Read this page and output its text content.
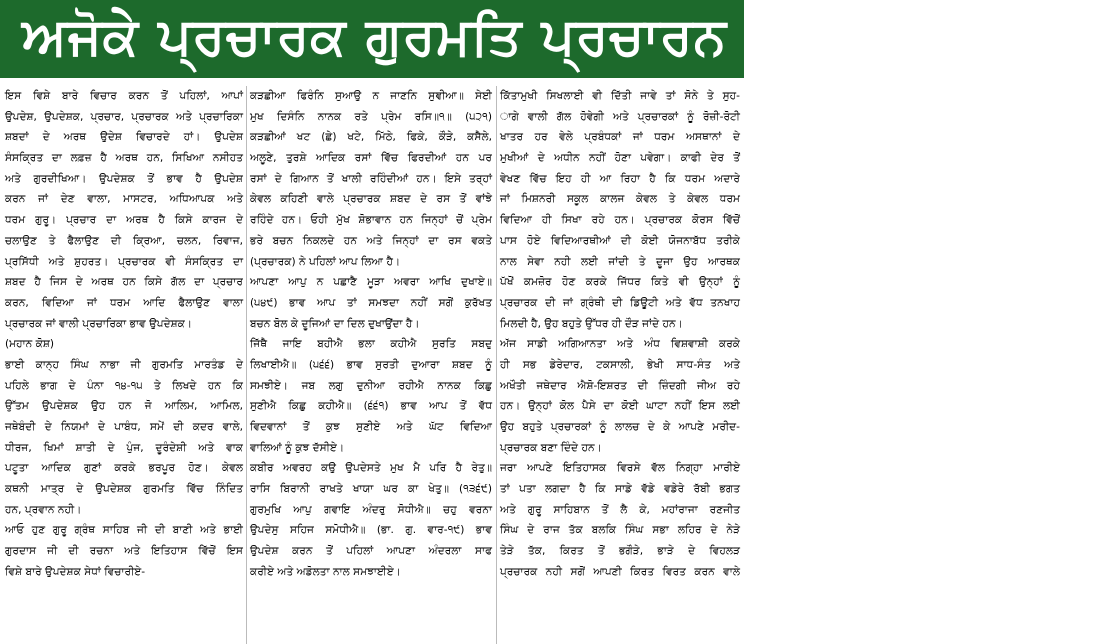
ਅਜੋਕੇ ਪ੍ਰਚਾਰਕ ਗੁਰਮਤਿ ਪ੍ਰਚਾਰਨ ਅਤੇ ਪ੍ਰਸਾਰਨ ਵਿ
ਇਸ ਵਿਸ਼ੇ ਬਾਰੇ ਵਿਚਾਰ ਕਰਨ ਤੋਂ ਪਹਿਲਾਂ, ਆਪਾਂ
ਉਪਦੇਸ਼, ਉਪਦੇਸ਼ਕ, ਪ੍ਰਚਾਰ, ਪ੍ਰਚਾਰਕ ਅਤੇ ਪ੍ਰਚਾਰਿਕਾ
ਸ਼ਬਦਾਂ ਦੇ ਅਰਥ ਉਦੇਸ਼ ਵਿਚਾਰਦੇ ਹਾਂ। ਉਪਦੇਸ਼
ਸੰਸਕ੍ਰਿਤ ਦਾ ਲਫ਼ਜ਼ ਹੈ ਅਰਥ ਹਨ, ਸਿਖਿਆ ਨਸੀਹਤ
ਅਤੇ ਗੁਰਦੀਖਿਆ। ਉਪਦੇਸ਼ਕ ਤੋਂ ਭਾਵ ਹੈ ਉਪਦੇਸ਼
ਕਰਨ ਜਾਂ ਦੇਣ ਵਾਲਾ, ਮਾਸਟਰ, ਅਧਿਆਪਕ ਅਤੇ
ਧਰਮ ਗੁਰੂ। ਪ੍ਰਚਾਰ ਦਾ ਅਰਥ ਹੈ ਕਿਸੇ ਕਾਰਜ ਦੇ
ਚਲਾਉਣ ਤੇ ਫੈਲਾਉਣ ਦੀ ਕ੍ਰਿਆ, ਚਲਨ, ਰਿਵਾਜ,
ਪ੍ਰਸਿੱਧੀ ਅਤੇ ਸ਼ੁਹਰਤ। ਪ੍ਰਚਾਰਕ ਵੀ ਸੰਸਕ੍ਰਿਤ ਦਾ
ਸ਼ਬਦ ਹੈ ਜਿਸ ਦੇ ਅਰਥ ਹਨ ਕਿਸੇ ਗੱਲ ਦਾ ਪ੍ਰਚਾਰ
ਕਰਨ, ਵਿਦਿਆ ਜਾਂ ਧਰਮ ਆਦਿ ਫੈਲਾਉਣ ਵਾਲਾ
ਪ੍ਰਚਾਰਕ ਜਾਂ ਵਾਲੀ ਪ੍ਰਚਾਰਿਕਾ ਭਾਵ ਉਪਦੇਸ਼ਕ।
(ਮਹਾਨ ਕੋਸ਼)
ਭਾਈ ਕਾਨ੍ਹ ਸਿੰਘ ਨਾਭਾ ਜੀ ਗੁਰਮਤਿ ਮਾਰਤੰਡ ਦੇ
ਪਹਿਲੇ ਭਾਗ ਦੇ ਪੰਨਾ ੧੪-੧੫ ਤੇ ਲਿਖਦੇ ਹਨ ਕਿ
ਉੱਤਮ ਉਪਦੇਸ਼ਕ ਉਹ ਹਨ ਜੋ ਆਲਿਮ, ਆਮਿਲ,
ਜਥੇਬੰਦੀ ਦੇ ਨਿਯਮਾਂ ਦੇ ਪਾਬੰਧ, ਸਮੇਂ ਦੀ ਕਦਰ ਵਾਲੇ,
ਧੀਰਜ, ਖਿਮਾਂ ਸ਼ਾਤੀ ਦੇ ਪੁੰਜ, ਦੂਰੰਦੇਸ਼ੀ ਅਤੇ ਵਾਕ
ਪਟੂਤਾ ਆਦਿਕ ਗੁਣਾਂ ਕਰਕੇ ਭਰਪੂਰ ਹੋਣ। ਕੇਵਲ
ਕਥਨੀ ਮਾਤ੍ਰ ਦੇ ਉਪਦੇਸ਼ਕ ਗੁਰਮਤਿ ਵਿੱਚ ਨਿੰਦਿਤ
ਹਨ, ਪ੍ਰਵਾਨ ਨਹੀ।
ਆਓ ਹੁਣ ਗੁਰੂ ਗ੍ਰੰਥ ਸਾਹਿਬ ਜੀ ਦੀ ਬਾਣੀ ਅਤੇ ਭਾਈ
ਗੁਰਦਾਸ ਜੀ ਦੀ ਰਚਨਾ ਅਤੇ ਇਤਿਹਾਸ ਵਿੱਚੋਂ ਇਸ
ਵਿਸ਼ੇ ਬਾਰੇ ਉਪਦੇਸ਼ਕ ਸੇਧਾਂ ਵਿਚਾਰੀਏ-
ਕੜਛੀਆ ਫਿਰੰਨਿ ਸੁਆਉ ਨ ਜਾਣਨਿ ਸੁਞੀਆ॥ ਸੇਈ
ਮੁਖ ਦਿਸੰਨਿ ਨਾਨਕ ਰਤੇ ਪ੍ਰੇਮ ਰਸਿ॥੧॥ (੫੨੧)
ਕੜਛੀਆਂ ਖਟ (ਛੇ) ਖਟੇ, ਮਿੱਠੇ, ਫਿਕੇ, ਕੌੜੇ, ਕਸੈਲੇ,
ਅਲੂਣੇ, ਤੁਰਸ਼ੇ ਆਦਿਕ ਰਸਾਂ ਵਿੱਚ ਫਿਰਦੀਆਂ ਹਨ ਪਰ
ਰਸਾਂ ਦੇ ਗਿਆਨ ਤੋਂ ਖਾਲੀ ਰਹਿੰਦੀਆਂ ਹਨ। ਇਸੇ ਤਰ੍ਹਾਂ
ਕੇਵਲ ਕਹਿਣੀ ਵਾਲੇ ਪ੍ਰਚਾਰਕ ਸ਼ਬਦ ਦੇ ਰਸ ਤੋਂ ਵਾਂਝੇ
ਰਹਿੰਦੇ ਹਨ। ਓਹੀ ਮੁੱਖ ਸ਼ੋਭਾਵਾਨ ਹਨ ਜਿਨ੍ਹਾਂ ਚੋਂ ਪ੍ਰੇਮ
ਭਰੇ ਬਚਨ ਨਿਕਲਦੇ ਹਨ ਅਤੇ ਜਿਨ੍ਹਾਂ ਦਾ ਰਸ ਵਕਤੇ
(ਪ੍ਰਚਾਰਕ) ਨੇ ਪਹਿਲਾਂ ਆਪ ਲਿਆ ਹੈ।
ਆਪਣਾ ਆਪੁ ਨ ਪਛਾਣੈ ਮੂੜਾ ਅਵਰਾ ਆਖਿ ਦੁਖਾਏ॥
(੫੪੯) ਭਾਵ ਆਪ ਤਾਂ ਸਮਝਦਾ ਨਹੀਂ ਸਗੋਂ ਕੁਰੱਖਤ
ਬਚਨ ਬੋਲ ਕੇ ਦੂਜਿਆਂ ਦਾ ਦਿਲ ਦੁਖਾਉਂਦਾ ਹੈ।
ਜਿੱਥੈ ਜਾਇ ਬਹੀਐ ਭਲਾ ਕਹੀਐ ਸੁਰਤਿ ਸਬਦੁ
ਲਿਖਾਈਐ॥ (੫੬੬) ਭਾਵ ਸੁਰਤੀ ਦੁਆਰਾ ਸ਼ਬਦ ਨੂੰ
ਸਮਝੀਏ। ਜਬ ਲਗੁ ਦੁਨੀਆ ਰਹੀਐ ਨਾਨਕ ਕਿਛੁ
ਸੁਣੀਐ ਕਿਛੁ ਕਹੀਐ॥ (੬੬੧) ਭਾਵ ਆਪ ਤੋਂ ਵੱਧ
ਵਿਦਵਾਨਾਂ ਤੋਂ ਕੁਝ ਸੁਣੀਏ ਅਤੇ ਘੱਟ ਵਿਦਿਆ
ਵਾਲਿਆਂ ਨੂੰ ਕੁਝ ਦੱਸੀਏ।
ਕਬੀਰ ਅਵਰਹ ਕਉ ਉਪਦੇਸਤੇ ਮੁਖ ਮੈ ਪਰਿ ਹੈ ਰੇਤੁ॥
ਰਾਸਿ ਬਿਰਾਨੀ ਰਾਖਤੇ ਖਾਯਾ ਘਰ ਕਾ ਖੇਤੁ॥ (੧੩੬੯)
ਗੁਰਮੁਖਿ ਆਪੁ ਗਵਾਇ ਅੰਦਰੁ ਸੋਧੀਐ॥ ਚਹੁ ਵਰਨਾ
ਉਪਦੇਸੁ ਸਹਿਜ ਸਮੋਧੀਐ॥ (ਭਾ. ਗੁ. ਵਾਰ-੧੯) ਭਾਵ
ਉਪਦੇਸ਼ ਕਰਨ ਤੋਂ ਪਹਿਲਾਂ ਆਪਣਾ ਅੰਦਰਲਾ ਸਾਫ
ਕਰੀਏ ਅਤੇ ਅਡੋਲਤਾ ਨਾਲ ਸਮਝਾਈਏ।
ਕਿੱਤਾਮੁਖੀ ਸਿਖਲਾਈ ਵੀ ਦਿੱਤੀ ਜਾਵੇ ਤਾਂ ਸੋਨੇ ਤੇ ਸੁਹ-
ਾਗੇ ਵਾਲੀ ਗੱਲ ਹੋਵੇਗੀ ਅਤੇ ਪ੍ਰਚਾਰਕਾਂ ਨੂੰ ਰੋਜ਼ੀ-ਰੋਟੀ
ਖਾਤਰ ਹਰ ਵੇਲੇ ਪ੍ਰਬੰਧਕਾਂ ਜਾਂ ਧਰਮ ਅਸਥਾਨਾਂ ਦੇ
ਮੁਖੀਆਂ ਦੇ ਅਧੀਨ ਨਹੀਂ ਹੋਣਾ ਪਵੇਗਾ। ਕਾਫੀ ਦੇਰ ਤੋਂ
ਵੇਖਣ ਵਿੱਚ ਇਹ ਹੀ ਆ ਰਿਹਾ ਹੈ ਕਿ ਧਰਮ ਅਦਾਰੇ
ਜਾਂ ਮਿਸ਼ਨਰੀ ਸਕੂਲ ਕਾਲਜ ਕੇਵਲ ਤੇ ਕੇਵਲ ਧਰਮ
ਵਿਦਿਆ ਹੀ ਸਿਖਾ ਰਹੇ ਹਨ। ਪ੍ਰਚਾਰਕ ਕੋਰਸ ਵਿੱਚੋਂ
ਪਾਸ ਹੋਏ ਵਿਦਿਆਰਥੀਆਂ ਦੀ ਕੋਈ ਯੋਜਨਾਬੱਧ ਤਰੀਕੇ
ਨਾਲ ਸੇਵਾ ਨਹੀ ਲਈ ਜਾਂਦੀ ਤੇ ਦੂਜਾ ਉਹ ਆਰਥਕ
ਪੱਖੋਂ ਕਮਜ਼ੋਰ ਹੋਣ ਕਰਕੇ ਜਿੱਧਰ ਕਿਤੇ ਵੀ ਉਨ੍ਹਾਂ ਨੂੰ
ਪ੍ਰਚਾਰਕ ਦੀ ਜਾਂ ਗ੍ਰੰਥੀ ਦੀ ਡਿਊਟੀ ਅਤੇ ਵੱਧ ਤਨਖਾਹ
ਮਿਲਦੀ ਹੈ, ਉਹ ਬਹੁਤੇ ਉੱਧਰ ਹੀ ਦੌੜ ਜਾਂਦੇ ਹਨ।
ਅੱਜ ਸਾਡੀ ਅਗਿਆਨਤਾ ਅਤੇ ਅੰਧ ਵਿਸ਼ਵਾਸ਼ੀ ਕਰਕੇ
ਹੀ ਸਭ ਡੇਰੇਦਾਰ, ਟਕਸਾਲੀ, ਭੇਖੀ ਸਾਧ-ਸੰਤ ਅਤੇ
ਅਖੌਤੀ ਜਥੇਦਾਰ ਐਸ਼ੋ-ਇਸ਼ਰਤ ਦੀ ਜ਼ਿੰਦਗੀ ਜੀਅ ਰਹੇ
ਹਨ। ਉਨ੍ਹਾਂ ਕੋਲ ਪੈਸੇ ਦਾ ਕੋਈ ਘਾਟਾ ਨਹੀਂ ਇਸ ਲਈ
ਉਹ ਬਹੁਤੇ ਪ੍ਰਚਾਰਕਾਂ ਨੂੰ ਲਾਲਚ ਦੇ ਕੇ ਆਪਣੇ ਮਰੀਦ-
ਪ੍ਰਚਾਰਕ ਬਣਾ ਦਿੰਦੇ ਹਨ।
ਜਰਾ ਆਪਣੇ ਇਤਿਹਾਸਕ ਵਿਰਸੇ ਵੱਲ ਨਿਗ੍ਹਾ ਮਾਰੀਏ
ਤਾਂ ਪਤਾ ਲਗਦਾ ਹੈ ਕਿ ਸਾਡੇ ਵੱਡੇ ਵਡੇਰੇ ਰੱਬੀ ਭਗਤ
ਅਤੇ ਗੁਰੂ ਸਾਹਿਬਾਨ ਤੋਂ ਲੈ ਕੇ, ਮਹਾਂਰਾਜਾ ਰਣਜੀਤ
ਸਿੰਘ ਦੇ ਰਾਜ ਤੱਕ ਬਲਕਿ ਸਿੰਘ ਸਭਾ ਲਹਿਰ ਦੇ ਨੇੜੇ
ਤੇੜੇ ਤੱਕ, ਕਿਰਤ ਤੋਂ ਭਗੌੜੇ, ਭਾੜੇ ਦੇ ਵਿਹਲੜ
ਪ੍ਰਚਾਰਕ ਨਹੀ ਸਗੋਂ ਆਪਣੀ ਕਿਰਤ ਵਿਰਤ ਕਰਨ ਵਾਲੇ
